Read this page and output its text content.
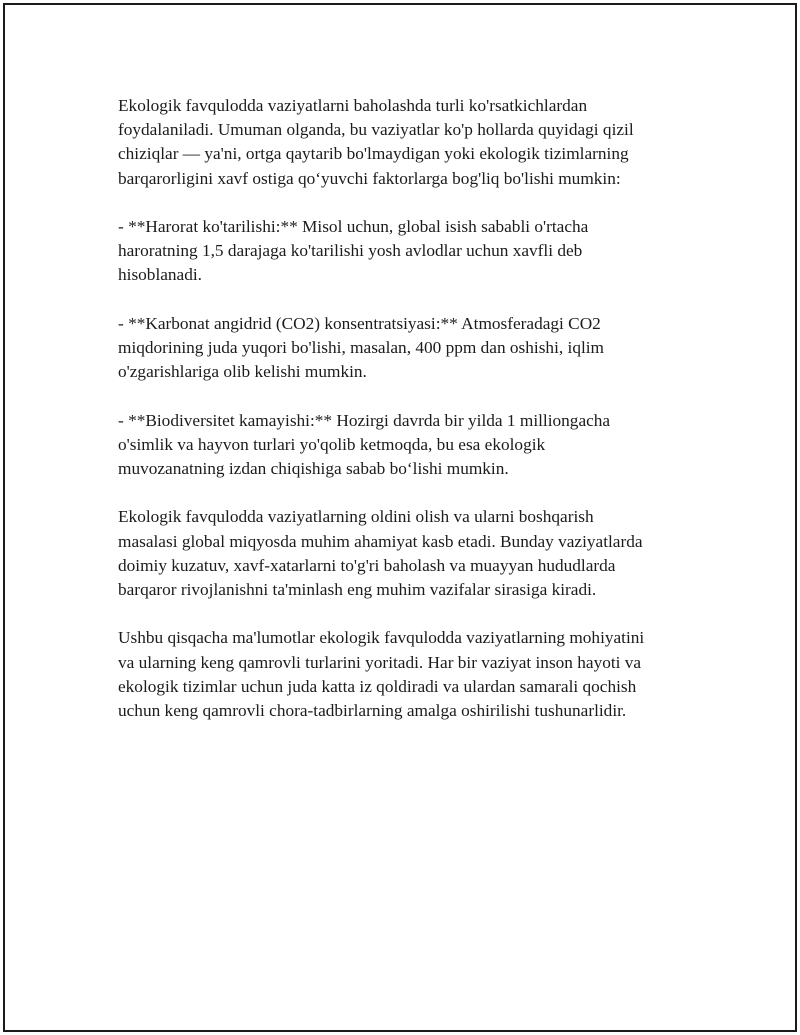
Ekologik favqulodda vaziyatlarni baholashda turli ko'rsatkichlardan
foydalaniladi. Umuman olganda, bu vaziyatlar ko'p hollarda quyidagi qizil
chiziqlar — ya'ni, ortga qaytarib bo'lmaydigan yoki ekologik tizimlarning
barqarorligini xavf ostiga qo‘yuvchi faktorlarga bog'liq bo'lishi mumkin:

- **Harorat ko'tarilishi:** Misol uchun, global isish sababli o'rtacha
haroratning 1,5 darajaga ko'tarilishi yosh avlodlar uchun xavfli deb
hisoblanadi.

- **Karbonat angidrid (CO2) konsentratsiyasi:** Atmosferadagi CO2
miqdorining juda yuqori bo'lishi, masalan, 400 ppm dan oshishi, iqlim
o'zgarishlariga olib kelishi mumkin.

- **Biodiversitet kamayishi:** Hozirgi davrda bir yilda 1 milliongacha
o'simlik va hayvon turlari yo'qolib ketmoqda, bu esa ekologik
muvozanatning izdan chiqishiga sabab bo‘lishi mumkin.

Ekologik favqulodda vaziyatlarning oldini olish va ularni boshqarish
masalasi global miqyosda muhim ahamiyat kasb etadi. Bunday vaziyatlarda
doimiy kuzatuv, xavf-xatarlarni to'g'ri baholash va muayyan hududlarda
barqaror rivojlanishni ta'minlash eng muhim vazifalar sirasiga kiradi.

Ushbu qisqacha ma'lumotlar ekologik favqulodda vaziyatlarning mohiyatini
va ularning keng qamrovli turlarini yoritadi. Har bir vaziyat inson hayoti va
ekologik tizimlar uchun juda katta iz qoldiradi va ulardan samarali qochish
uchun keng qamrovli chora-tadbirlarning amalga oshirilishi tushunarlidir.
